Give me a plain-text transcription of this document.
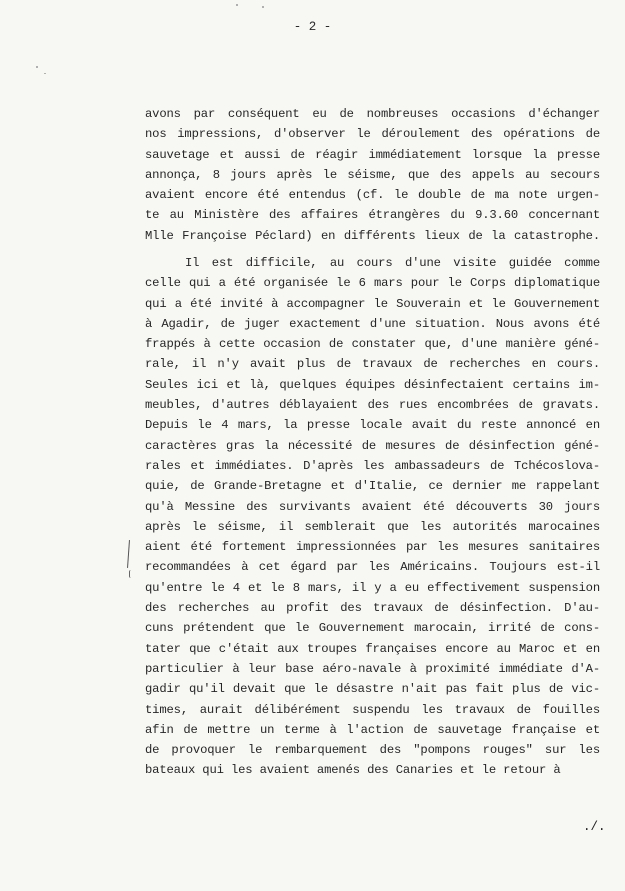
- 2 -
avons par conséquent eu de nombreuses occasions d'échanger
nos impressions, d'observer le déroulement des opérations de
sauvetage et aussi de réagir immédiatement lorsque la presse
annonça, 8 jours après le séisme, que des appels au secours
avaient encore été entendus (cf. le double de ma note urgen-
te au Ministère des affaires étrangères du 9.3.60 concernant
Mlle Françoise Péclard) en différents lieux de la catastrophe.
Il est difficile, au cours d'une visite guidée comme
celle qui a été organisée le 6 mars pour le Corps diplomatique
qui a été invité à accompagner le Souverain et le Gouvernement
à Agadir, de juger exactement d'une situation. Nous avons été
frappés à cette occasion de constater que, d'une manière géné-
rale, il n'y avait plus de travaux de recherches en cours.
Seules ici et là, quelques équipes désinfectaient certains im-
meubles, d'autres déblayaient des rues encombrées de gravats.
Depuis le 4 mars, la presse locale avait du reste annoncé en
caractères gras la nécessité de mesures de désinfection géné-
rales et immédiates. D'après les ambassadeurs de Tchécoslova-
quie, de Grande-Bretagne et d'Italie, ce dernier me rappelant
qu'à Messine des survivants avaient été découverts 30 jours
après le séisme, il semblerait que les autorités marocaines
aient été fortement impressionnées par les mesures sanitaires
recommandées à cet égard par les Américains. Toujours est-il
qu'entre le 4 et le 8 mars, il y a eu effectivement suspension
des recherches au profit des travaux de désinfection. D'au-
cuns prétendent que le Gouvernement marocain, irrité de cons-
tater que c'était aux troupes françaises encore au Maroc et en
particulier à leur base aéro-navale à proximité immédiate d'A-
gadir qu'il devait que le désastre n'ait pas fait plus de vic-
times, aurait délibérément suspendu les travaux de fouilles
afin de mettre un terme à l'action de sauvetage française et
de provoquer le rembarquement des "pompons rouges" sur les
bateaux qui les avaient amenés des Canaries et le retour à
./.
